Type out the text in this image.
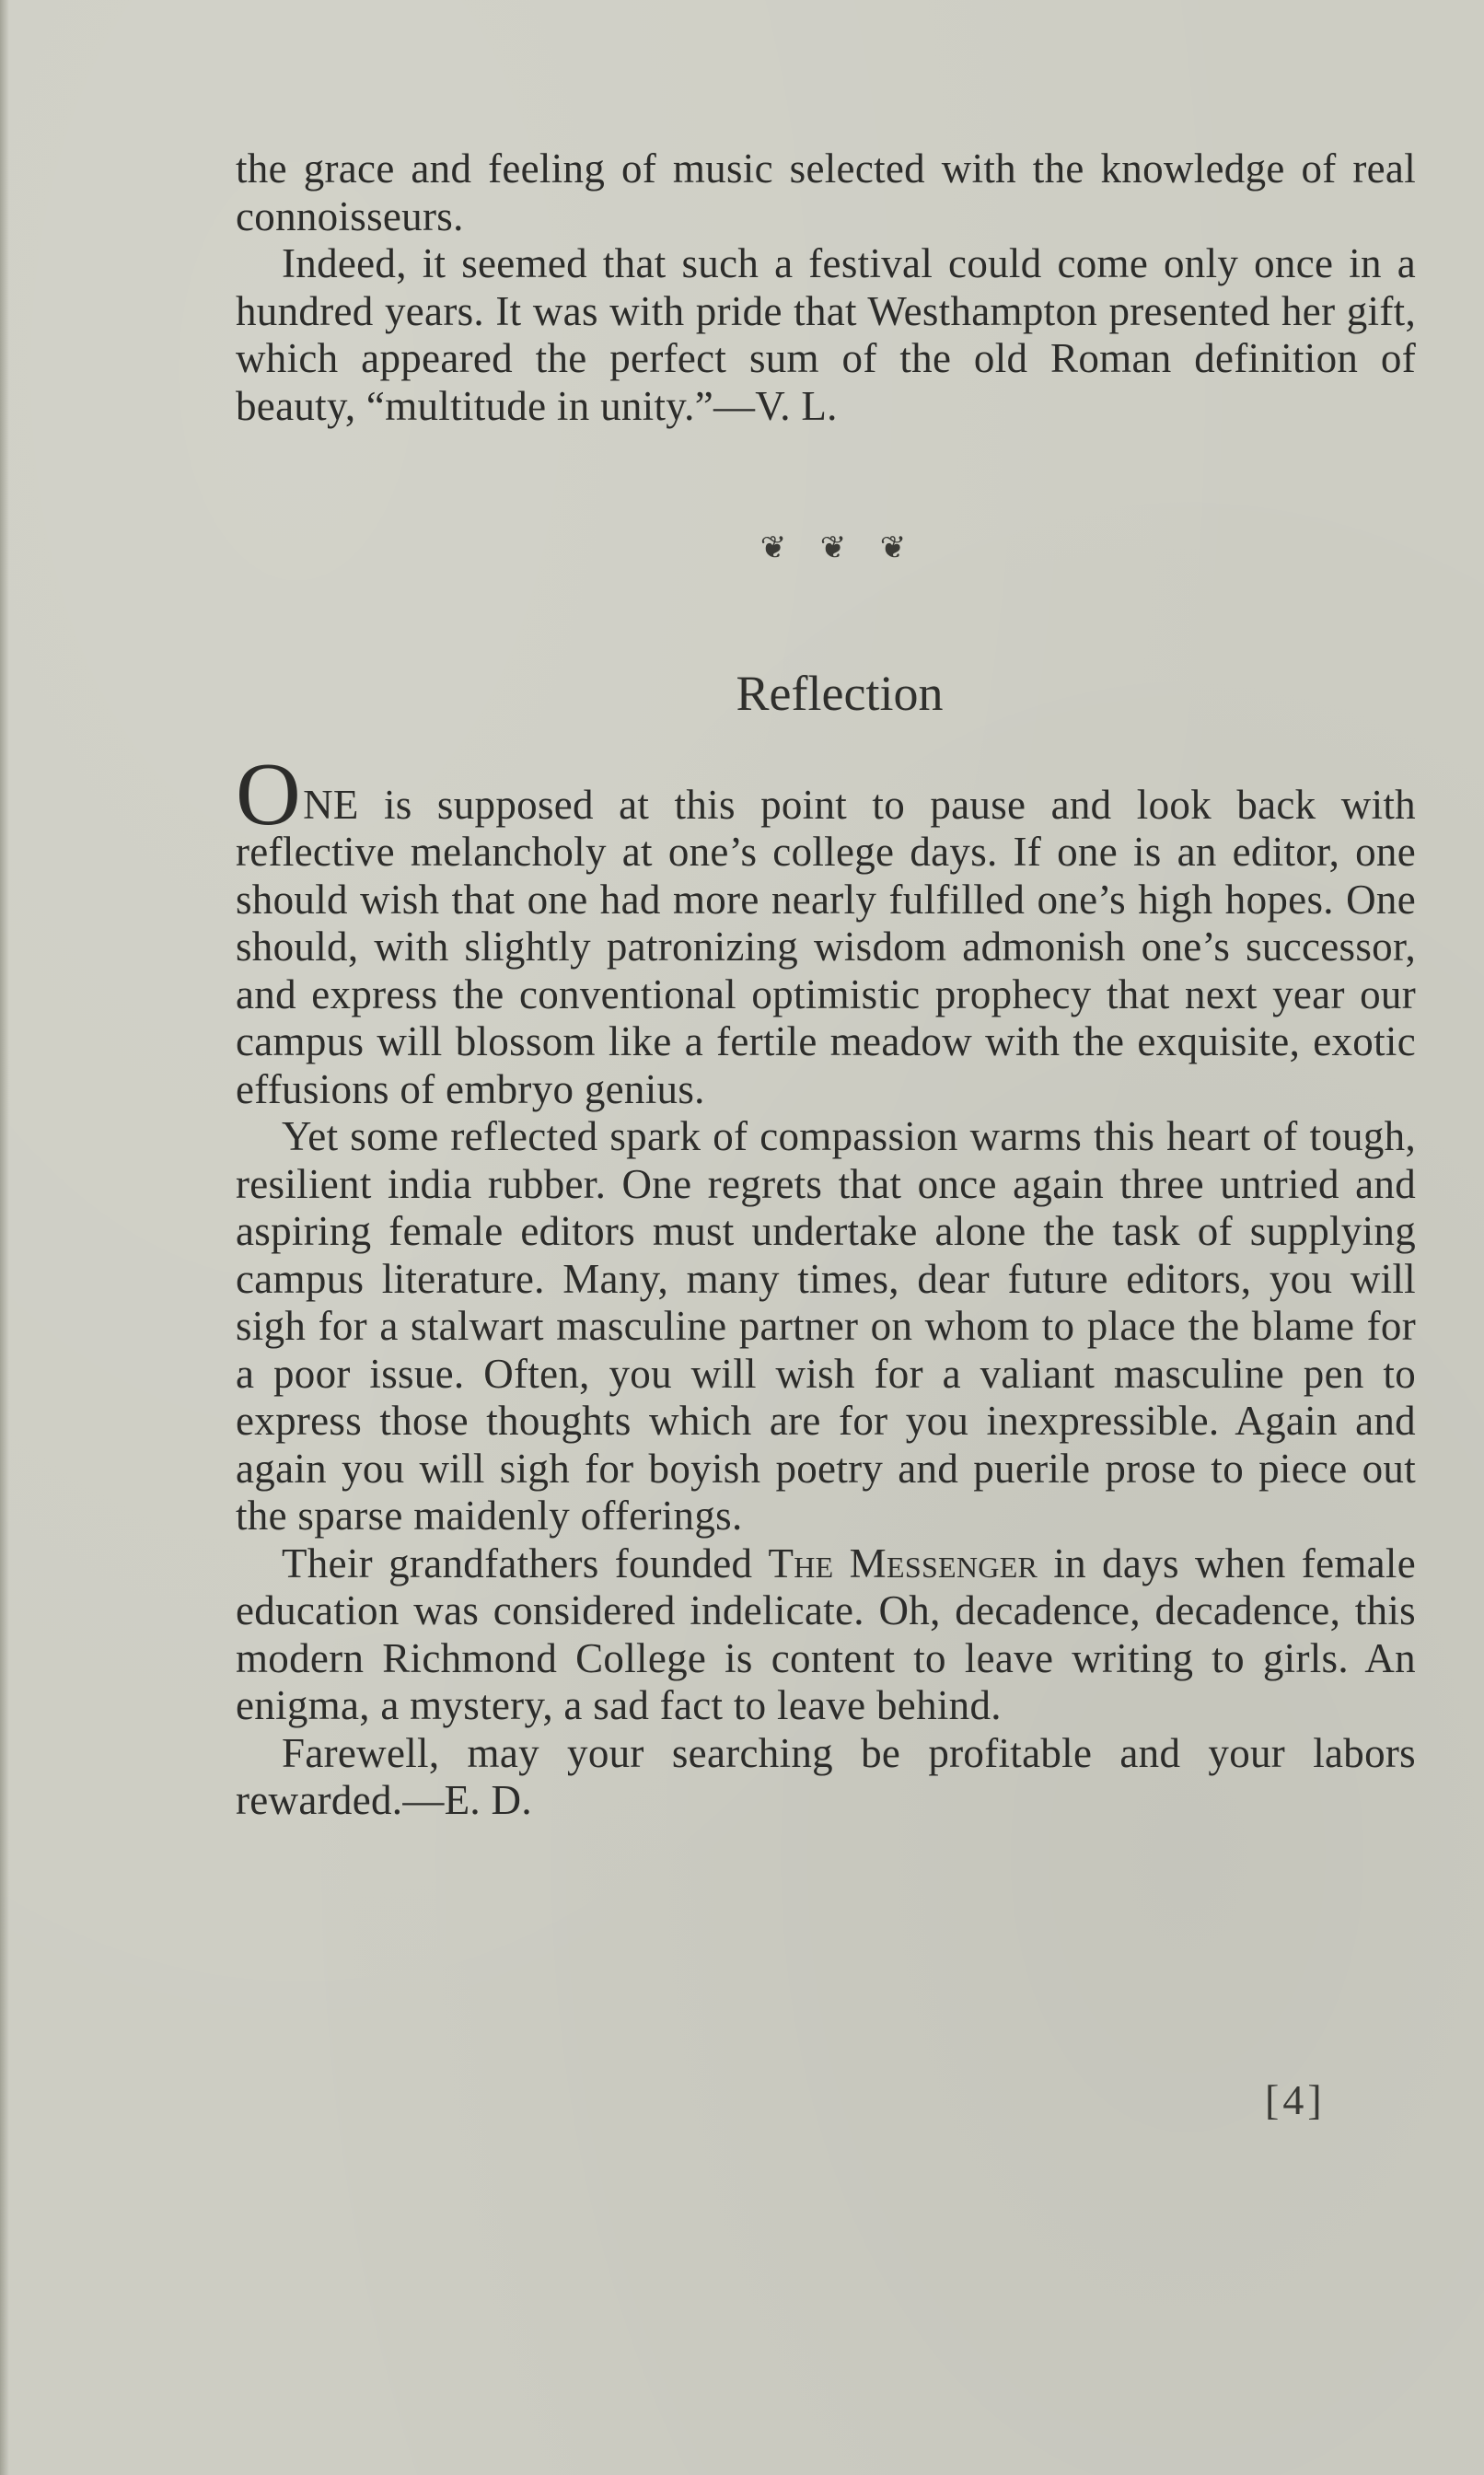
the grace and feeling of music selected with the knowledge of real connoisseurs.

Indeed, it seemed that such a festival could come only once in a hundred years. It was with pride that Westhampton presented her gift, which appeared the perfect sum of the old Roman definition of beauty, “multitude in unity.”—V. L.

❦ ❦ ❦
Reflection

ONE is supposed at this point to pause and look back with reflective melancholy at one’s college days. If one is an editor, one should wish that one had more nearly fulfilled one’s high hopes. One should, with slightly patronizing wisdom admonish one’s successor, and express the conventional optimistic prophecy that next year our campus will blossom like a fertile meadow with the exquisite, exotic effusions of embryo genius.

Yet some reflected spark of compassion warms this heart of tough, resilient india rubber. One regrets that once again three untried and aspiring female editors must undertake alone the task of supplying campus literature. Many, many times, dear future editors, you will sigh for a stalwart masculine partner on whom to place the blame for a poor issue. Often, you will wish for a valiant masculine pen to express those thoughts which are for you inexpressible. Again and again you will sigh for boyish poetry and puerile prose to piece out the sparse maidenly offerings.

Their grandfathers founded The Messenger in days when female education was considered indelicate. Oh, decadence, decadence, this modern Richmond College is content to leave writing to girls. An enigma, a mystery, a sad fact to leave behind.

Farewell, may your searching be profitable and your labors rewarded.—E. D.

[4]
